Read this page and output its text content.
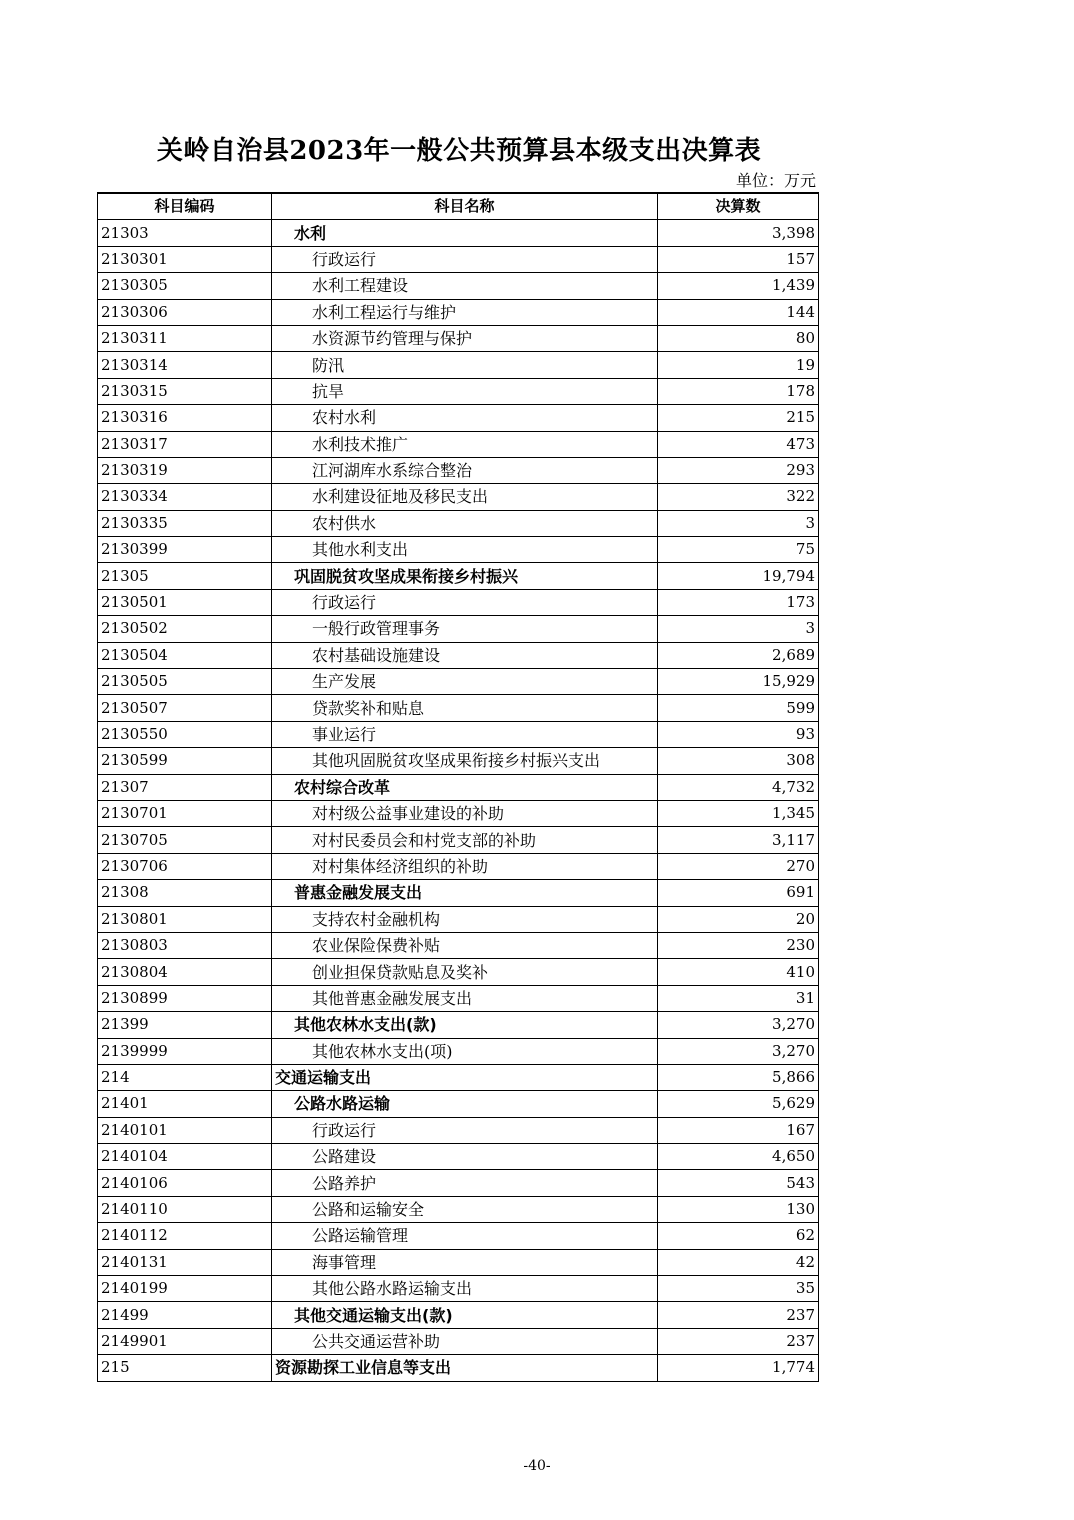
关岭自治县2023年一般公共预算县本级支出决算表
单位：万元
科目编码	科目名称	决算数
21303	水利	3,398
2130301	行政运行	157
2130305	水利工程建设	1,439
2130306	水利工程运行与维护	144
2130311	水资源节约管理与保护	80
2130314	防汛	19
2130315	抗旱	178
2130316	农村水利	215
2130317	水利技术推广	473
2130319	江河湖库水系综合整治	293
2130334	水利建设征地及移民支出	322
2130335	农村供水	3
2130399	其他水利支出	75
21305	巩固脱贫攻坚成果衔接乡村振兴	19,794
2130501	行政运行	173
2130502	一般行政管理事务	3
2130504	农村基础设施建设	2,689
2130505	生产发展	15,929
2130507	贷款奖补和贴息	599
2130550	事业运行	93
2130599	其他巩固脱贫攻坚成果衔接乡村振兴支出	308
21307	农村综合改革	4,732
2130701	对村级公益事业建设的补助	1,345
2130705	对村民委员会和村党支部的补助	3,117
2130706	对村集体经济组织的补助	270
21308	普惠金融发展支出	691
2130801	支持农村金融机构	20
2130803	农业保险保费补贴	230
2130804	创业担保贷款贴息及奖补	410
2130899	其他普惠金融发展支出	31
21399	其他农林水支出(款)	3,270
2139999	其他农林水支出(项)	3,270
214	交通运输支出	5,866
21401	公路水路运输	5,629
2140101	行政运行	167
2140104	公路建设	4,650
2140106	公路养护	543
2140110	公路和运输安全	130
2140112	公路运输管理	62
2140131	海事管理	42
2140199	其他公路水路运输支出	35
21499	其他交通运输支出(款)	237
2149901	公共交通运营补助	237
215	资源勘探工业信息等支出	1,774
-40-
